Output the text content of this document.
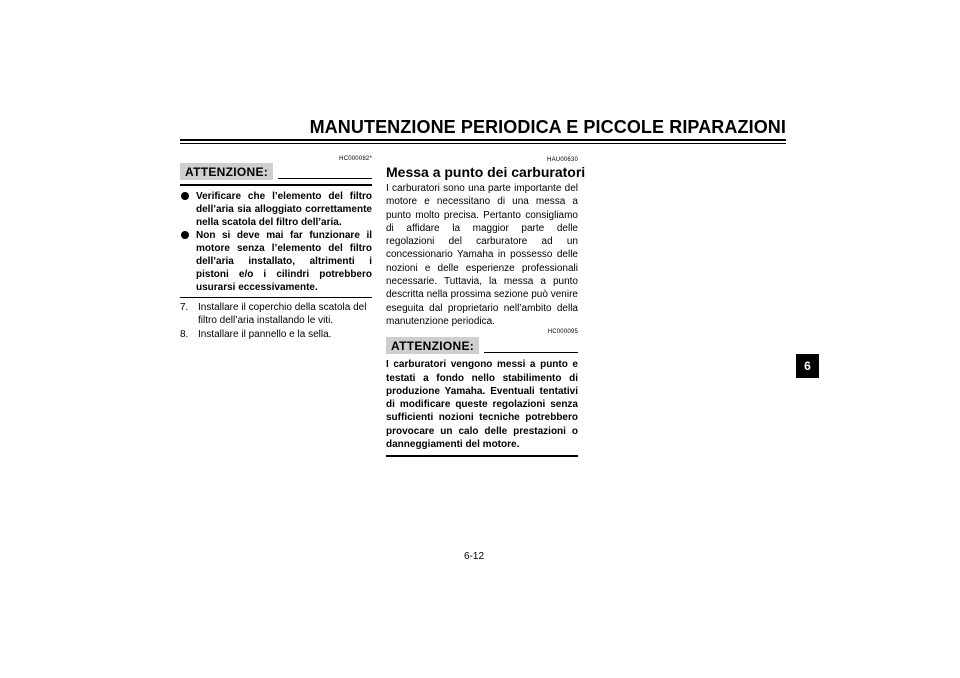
MANUTENZIONE PERIODICA E PICCOLE RIPARAZIONI
HC000082*
ATTENZIONE:
Verificare che l’elemento del filtro dell’aria sia alloggiato correttamente nella scatola del filtro dell’aria.
Non si deve mai far funzionare il motore senza l’elemento del filtro dell’aria installato, altrimenti i pistoni e/o i cilindri potrebbero usurarsi eccessivamente.
7. Installare il coperchio della scatola del filtro dell’aria installando le viti.
8. Installare il pannello e la sella.
HAU00630
Messa a punto dei carburatori
I carburatori sono una parte importante del motore e necessitano di una messa a punto molto precisa. Pertanto consigliamo di affidare la maggior parte delle regolazioni del carburatore ad un concessionario Yamaha in possesso delle nozioni e delle esperienze professionali necessarie. Tuttavia, la messa a punto descritta nella prossima sezione può venire eseguita dal proprietario nell’ambito della manutenzione periodica.
HC000095
ATTENZIONE:
I carburatori vengono messi a punto e testati a fondo nello stabilimento di produzione Yamaha. Eventuali tentativi di modificare queste regolazioni senza sufficienti nozioni tecniche potrebbero provocare un calo delle prestazioni o danneggiamenti del motore.
6
6-12
